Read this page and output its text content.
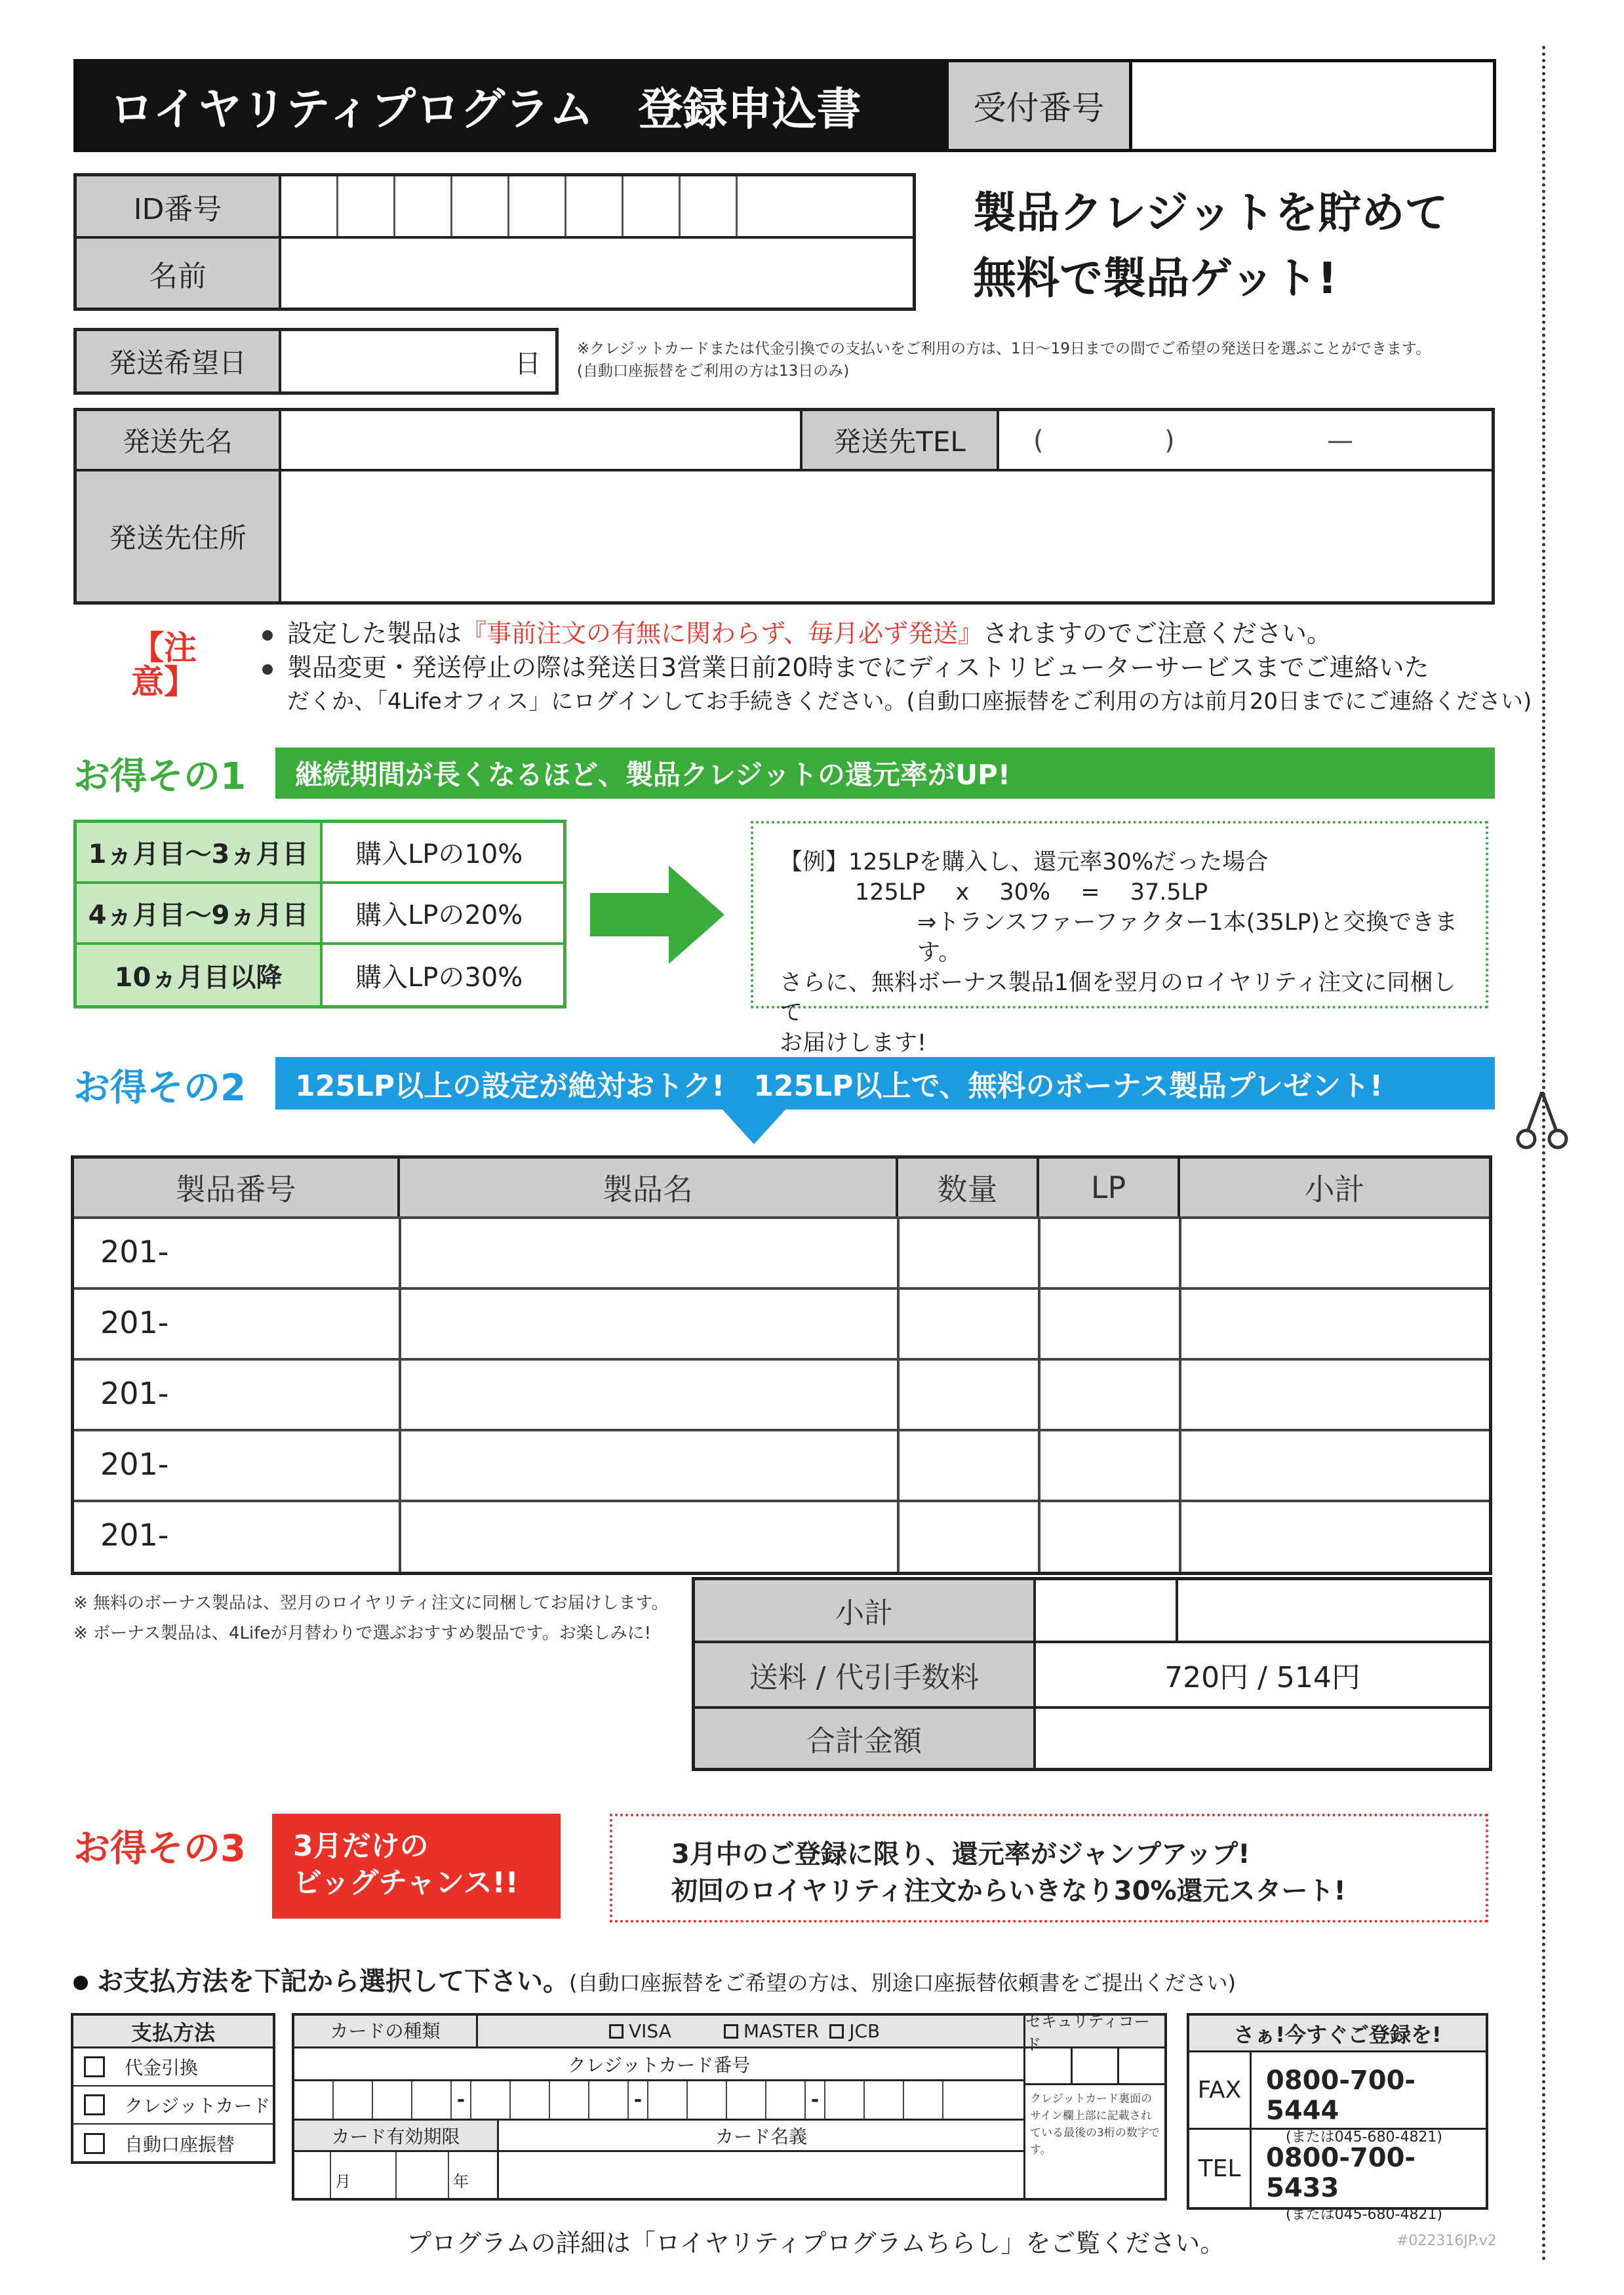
ロイヤリティプログラム　登録申込書	受付番号
ID番号
名前
製品クレジットを貯めて
無料で製品ゲット!
発送希望日	日 ※クレジットカードまたは代金引換での支払いをご利用の方は、1日〜19日までの間でご希望の発送日を選ぶことができます。
(自動口座振替をご利用の方は13日のみ)
発送先名	発送先TEL	(	)	—
発送先住所
【注意】
設定した製品は『事前注文の有無に関わらず、毎月必ず発送』されますのでご注意ください。
製品変更・発送停止の際は発送日3営業日前20時までにディストリビューターサービスまでご連絡いた
だくか、「4Lifeオフィス」にログインしてお手続きください。(自動口座振替をご利用の方は前月20日までにご連絡ください)
お得その1	継続期間が長くなるほど、製品クレジットの還元率がUP!
1ヵ月目〜3ヵ月目	購入LPの10%
4ヵ月目〜9ヵ月目	購入LPの20%
10ヵ月目以降	購入LPの30%
【例】125LPを購入し、還元率30%だった場合
125LP　 x 　30%　 = 　37.5LP
⇒トランスファーファクター1本(35LP)と交換できます。
さらに、無料ボーナス製品1個を翌月のロイヤリティ注文に同梱して
お届けします!
お得その2	125LP以上の設定が絶対おトク!　125LP以上で、無料のボーナス製品プレゼント!
製品番号	製品名	数量	LP	小計
201-
201-
201-
201-
201-
※ 無料のボーナス製品は、翌月のロイヤリティ注文に同梱してお届けします。
※ ボーナス製品は、4Lifeが月替わりで選ぶおすすめ製品です。お楽しみに!
小計
送料 / 代引手数料	720円 / 514円
合計金額
お得その3 3月だけの
ビッグチャンス!!
3月中のご登録に限り、還元率がジャンプアップ!
初回のロイヤリティ注文からいきなり30%還元スタート!
お支払方法を下記から選択して下さい。(自動口座振替をご希望の方は、別途口座振替依頼書をご提出ください)
支払方法
代金引換
クレジットカード
自動口座振替
カードの種類	VISA	MASTER JCB	セキュリティコード
クレジットカード番号
クレジットカード裏面のサイン欄上部に記載されている最後の3桁の数字です。
-	-	-
カード有効期限	カード名義
月	年
さぁ!今すぐご登録を!
FAX 0800-700-5444
(または045-680-4821)
TEL 0800-700-5433
(または045-680-4821)
プログラムの詳細は「ロイヤリティプログラムちらし」をご覧ください。	#022316JP.v2
